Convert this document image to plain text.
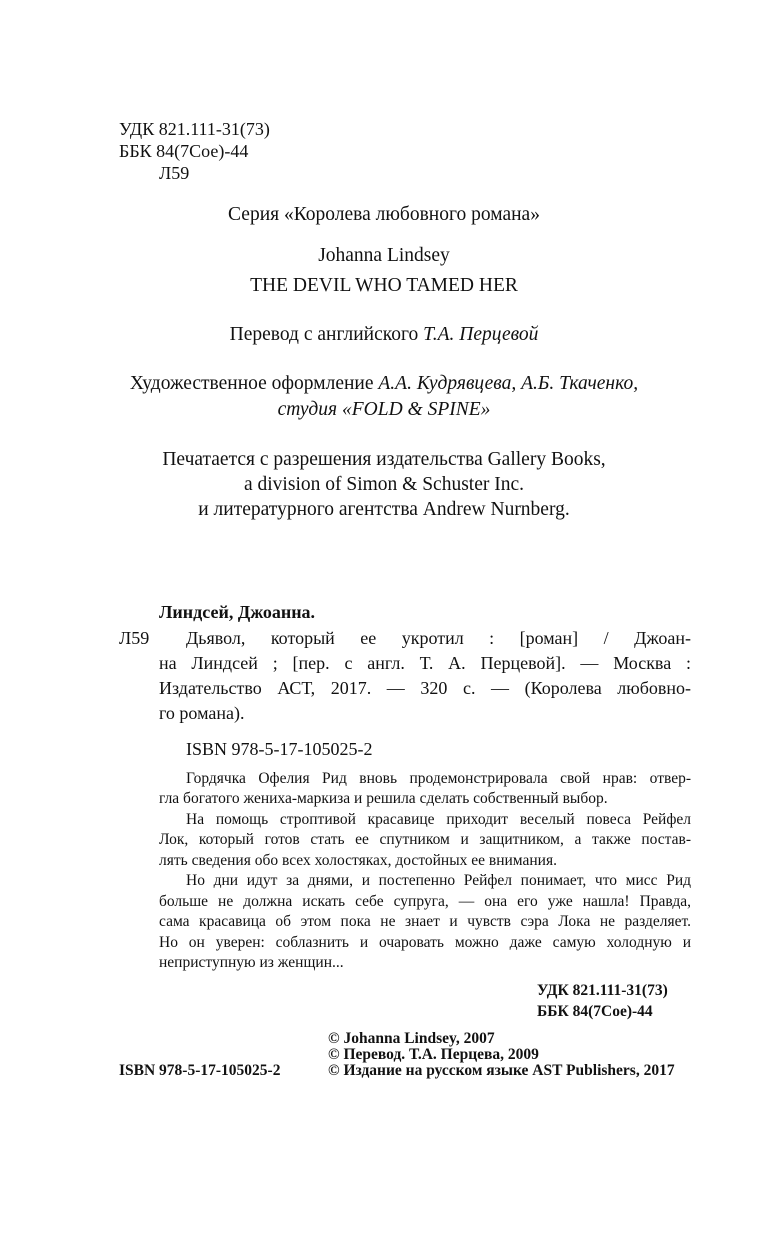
УДК 821.111-31(73)
ББК 84(7Сое)-44
Л59
Серия «Королева любовного романа»
Johanna Lindsey
THE DEVIL WHO TAMED HER
Перевод с английского Т.А. Перцевой
Художественное оформление А.А. Кудрявцева, А.Б. Ткаченко,
студия «FOLD & SPINE»
Печатается с разрешения издательства Gallery Books,
a division of Simon & Schuster Inc.
и литературного агентства Andrew Nurnberg.
Линдсей, Джоанна.
Л59 Дьявол, который ее укротил : [роман] / Джоан-
на Линдсей ; [пер. с англ. Т. А. Перцевой]. — Москва :
Издательство АСТ, 2017. — 320 с. — (Королева любовно-
го романа).
ISBN 978-5-17-105025-2
Гордячка Офелия Рид вновь продемонстрировала свой нрав: отвер-
гла богатого жениха-маркиза и решила сделать собственный выбор.
На помощь строптивой красавице приходит веселый повеса Рейфел
Лок, который готов стать ее спутником и защитником, а также постав-
лять сведения обо всех холостяках, достойных ее внимания.
Но дни идут за днями, и постепенно Рейфел понимает, что мисс Рид
больше не должна искать себе супруга, — она его уже нашла! Правда,
сама красавица об этом пока не знает и чувств сэра Лока не разделяет.
Но он уверен: соблазнить и очаровать можно даже самую холодную и
неприступную из женщин...
УДК 821.111-31(73)
ББК 84(7Сое)-44
© Johanna Lindsey, 2007
© Перевод. Т.А. Перцева, 2009
ISBN 978-5-17-105025-2	© Издание на русском языке AST Publishers, 2017
